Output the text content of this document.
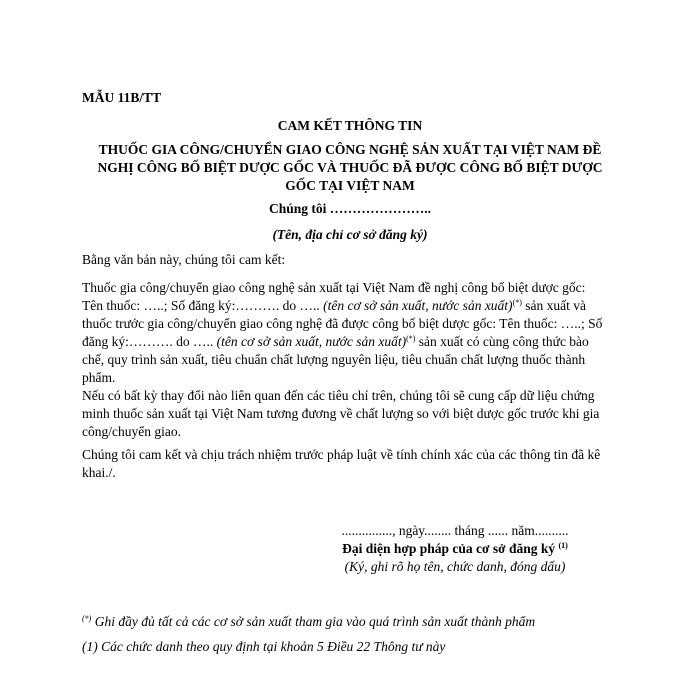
MẪU 11B/TT
CAM KẾT THÔNG TIN
THUỐC GIA CÔNG/CHUYỂN GIAO CÔNG NGHỆ SẢN XUẤT TẠI VIỆT NAM ĐỀ
NGHỊ CÔNG BỐ BIỆT DƯỢC GỐC VÀ THUỐC ĐÃ ĐƯỢC CÔNG BỐ BIỆT DƯỢC
GỐC TẠI VIỆT NAM
Chúng tôi …………………..
(Tên, địa chỉ cơ sở đăng ký)
Bằng văn bản này, chúng tôi cam kết:
Thuốc gia công/chuyển giao công nghệ sản xuất tại Việt Nam đề nghị công bố biệt dược gốc:
Tên thuốc: …..; Số đăng ký:………. do ….. (tên cơ sở sản xuất, nước sản xuất)(*) sản xuất và
thuốc trước gia công/chuyển giao công nghệ đã được công bố biệt dược gốc: Tên thuốc: …..; Số
đăng ký:………. do ….. (tên cơ sở sản xuất, nước sản xuất)(*) sản xuất có cùng công thức bào
chế, quy trình sản xuất, tiêu chuẩn chất lượng nguyên liệu, tiêu chuẩn chất lượng thuốc thành
phẩm.
Nếu có bất kỳ thay đổi nào liên quan đến các tiêu chí trên, chúng tôi sẽ cung cấp dữ liệu chứng
minh thuốc sản xuất tại Việt Nam tương đương về chất lượng so với biệt dược gốc trước khi gia
công/chuyển giao.
Chúng tôi cam kết và chịu trách nhiệm trước pháp luật về tính chính xác của các thông tin đã kê
khai./.
..............., ngày........ tháng ...... năm..........
Đại diện hợp pháp của cơ sở đăng ký $^{(1)}$
(Ký, ghi rõ họ tên, chức danh, đóng dấu)
(*) Ghi đầy đủ tất cả các cơ sở sản xuất tham gia vào quá trình sản xuất thành phẩm
(1) Các chức danh theo quy định tại khoản 5 Điều 22 Thông tư này
